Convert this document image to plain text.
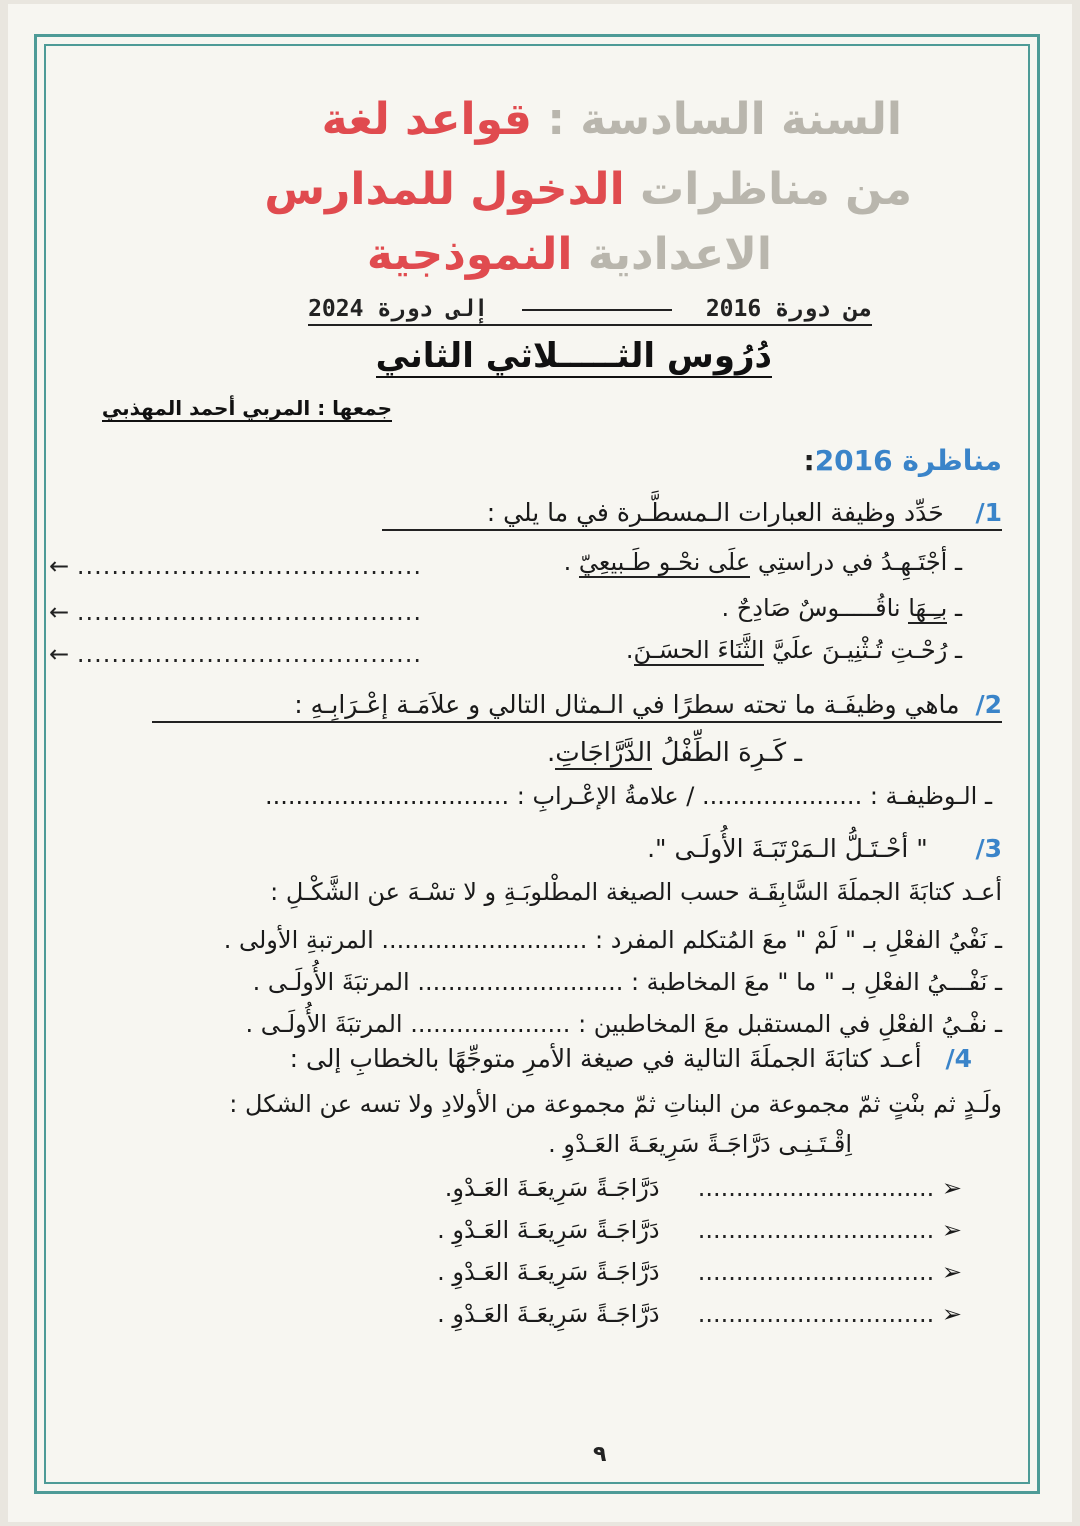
السنة السادسة : قواعد لغة
من مناظرات الدخول للمدارس
الاعدادية النموذجية
من دورة 2016  إلى دورة 2024
دُرُوس الثـــــلاثي الثاني
جمعها : المربي أحمد المهذبي
مناظرة 2016:
1/    حَدِّد وظيفة العبارات الـمسطَّـرة في ما يلي :
ـ أجْتَـهِـدُ في دراستِي علَى نحْـو طَـبيعِيّ .
← ........................................
ـ بـِـهَا ناقُـــــوسٌ صَادِحٌ .
← ........................................
ـ رُحْـتِ تُـثْنِيـنَ علَيَّ الثَّنَاءَ الحسَـنَ.
← ........................................
2/  ماهي وظيفَـة ما تحته سطرًا في الـمثال التالي و علاَمَـة إعْـرَابِـهِ :
ـ كَـرِهَ الطِّفْلُ الدَّرَّاجَاتِ.
ـ الـوظيفـة : ..................... / علامةُ الإعْـرابِ : ................................
3/      " أحْـتَـلُّ الـمَرْتَبَـةَ الأُولَـى ".
أعـد كتابَةَ الجملَةَ السَّابِقَـة حسب الصيغة المطْلوبَـةِ و لا تسْـهَ عن الشَّكْـلِ :
ـ نَفْيُ الفعْلِ بـ " لَمْ " معَ المُتكلم المفرد : ........................... المرتبةِ الأولى .
ـ نَفْـــيُ الفعْلِ بـ " ما " معَ المخاطبة : ........................... المرتبَةَ الأُولَـى .
ـ نفْـيُ الفعْلِ في المستقبل معَ المخاطبين : ..................... المرتبَةَ الأُولَـى .
4/   أعـد كتابَةَ الجملَةَ التالية في صيغة الأمرِ متوجِّهًا بالخطابِ إلى :
ولَـدٍ ثم بنْتٍ ثمّ مجموعة من البناتِ ثمّ مجموعة من الأولادِ ولا تسه عن الشكل :
اِقْـتَـنِـى دَرَّاجَـةً سَرِيعَـةَ العَـدْوِ .
➢ ...............................     دَرَّاجَـةً سَرِيعَـةَ العَـدْوِ.
➢ ...............................     دَرَّاجَـةً سَرِيعَـةَ العَـدْوِ .
➢ ...............................     دَرَّاجَـةً سَرِيعَـةَ العَـدْوِ .
➢ ...............................     دَرَّاجَـةً سَرِيعَـةَ العَـدْوِ .
٩
